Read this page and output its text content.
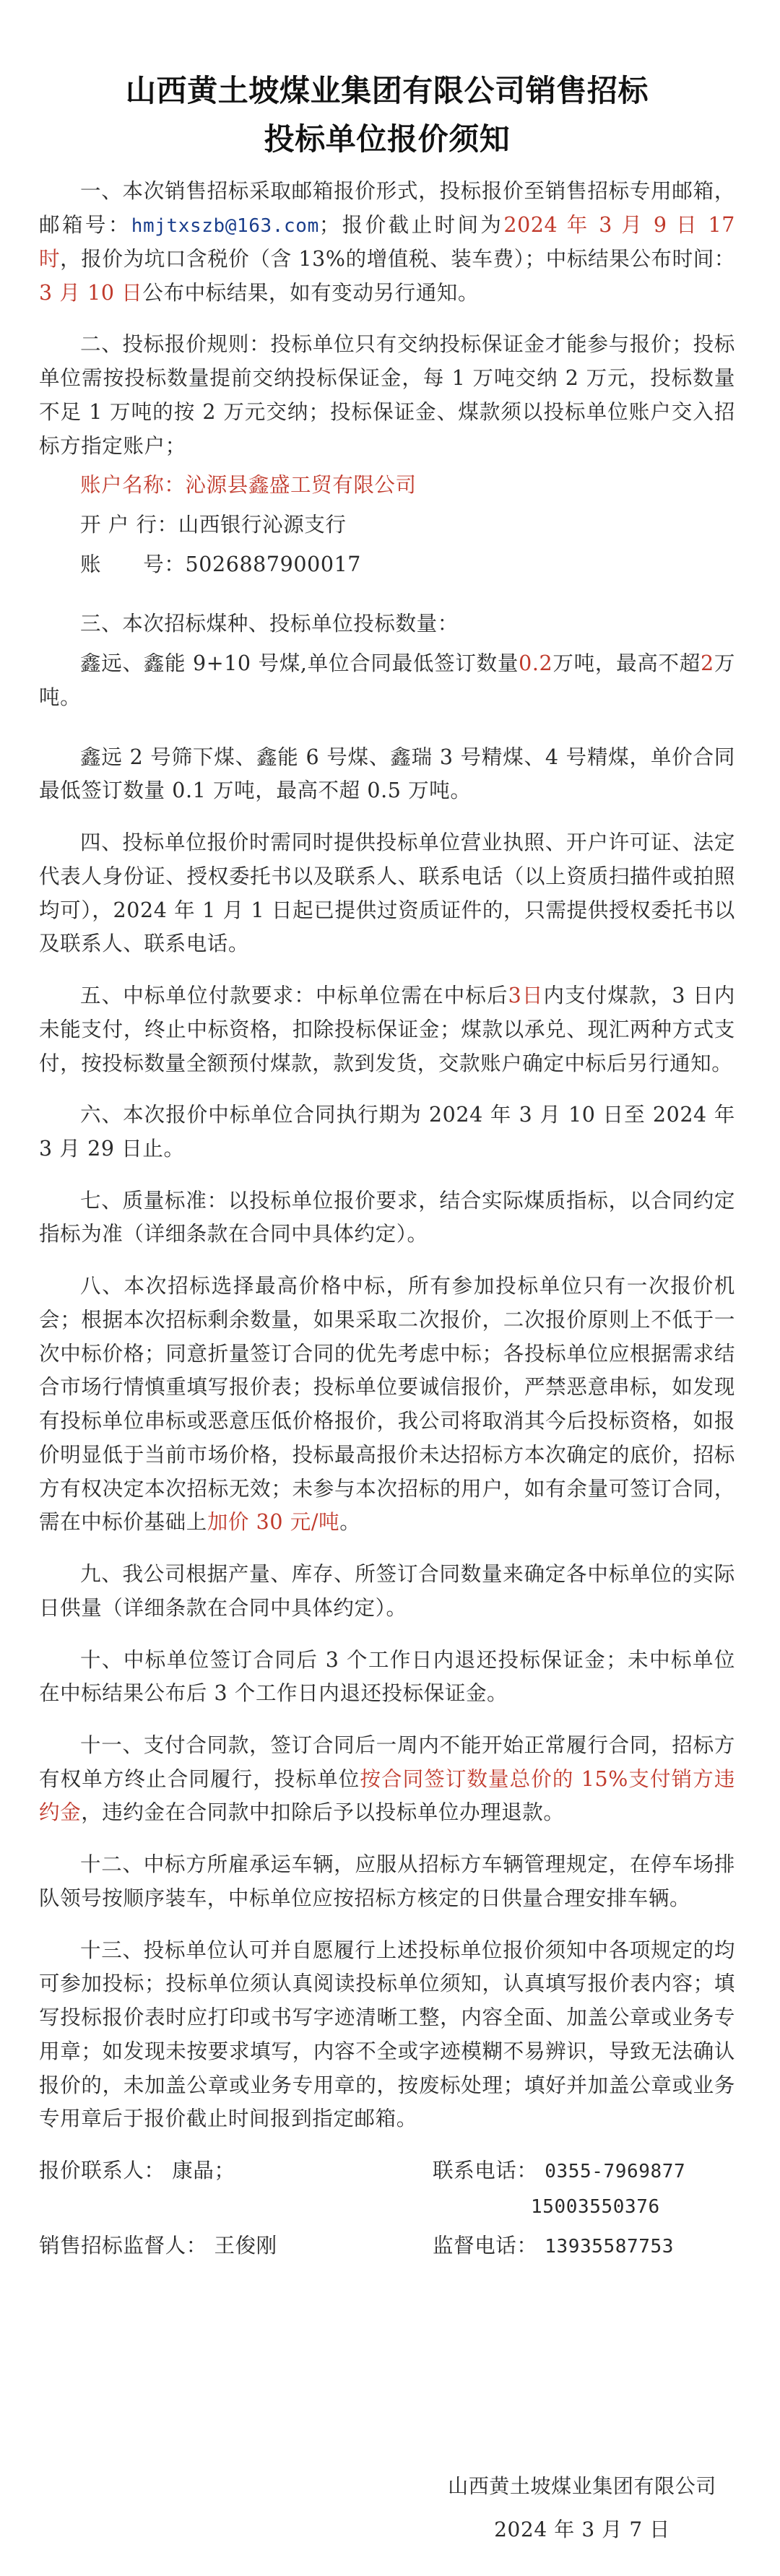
山西黄土坡煤业集团有限公司销售招标
投标单位报价须知

一、本次销售招标采取邮箱报价形式，投标报价至销售招标专用邮箱，邮箱号：hmjtxszb@163.com；报价截止时间为2024 年 3 月 9 日 17 时，报价为坑口含税价（含 13%的增值税、装车费）；中标结果公布时间：3 月 10 日公布中标结果，如有变动另行通知。

二、投标报价规则：投标单位只有交纳投标保证金才能参与报价；投标单位需按投标数量提前交纳投标保证金，每 1 万吨交纳 2 万元，投标数量不足 1 万吨的按 2 万元交纳；投标保证金、煤款须以投标单位账户交入招标方指定账户；

账户名称：沁源县鑫盛工贸有限公司

开 户 行：山西银行沁源支行

账　　号：5026887900017

三、本次招标煤种、投标单位投标数量：

鑫远、鑫能 9+10 号煤,单位合同最低签订数量0.2万吨，最高不超2万吨。

鑫远 2 号筛下煤、鑫能 6 号煤、鑫瑞 3 号精煤、4 号精煤，单价合同最低签订数量 0.1 万吨，最高不超 0.5 万吨。

四、投标单位报价时需同时提供投标单位营业执照、开户许可证、法定代表人身份证、授权委托书以及联系人、联系电话（以上资质扫描件或拍照均可），2024 年 1 月 1 日起已提供过资质证件的，只需提供授权委托书以及联系人、联系电话。

五、中标单位付款要求：中标单位需在中标后3日内支付煤款，3 日内未能支付，终止中标资格，扣除投标保证金；煤款以承兑、现汇两种方式支付，按投标数量全额预付煤款，款到发货，交款账户确定中标后另行通知。

六、本次报价中标单位合同执行期为 2024 年 3 月 10 日至 2024 年 3 月 29 日止。

七、质量标准：以投标单位报价要求，结合实际煤质指标，以合同约定指标为准（详细条款在合同中具体约定）。

八、本次招标选择最高价格中标，所有参加投标单位只有一次报价机会；根据本次招标剩余数量，如果采取二次报价，二次报价原则上不低于一次中标价格；同意折量签订合同的优先考虑中标；各投标单位应根据需求结合市场行情慎重填写报价表；投标单位要诚信报价，严禁恶意串标，如发现有投标单位串标或恶意压低价格报价，我公司将取消其今后投标资格，如报价明显低于当前市场价格，投标最高报价未达招标方本次确定的底价，招标方有权决定本次招标无效；未参与本次招标的用户，如有余量可签订合同，需在中标价基础上加价 30 元/吨。

九、我公司根据产量、库存、所签订合同数量来确定各中标单位的实际日供量（详细条款在合同中具体约定）。

十、中标单位签订合同后 3 个工作日内退还投标保证金；未中标单位在中标结果公布后 3 个工作日内退还投标保证金。

十一、支付合同款，签订合同后一周内不能开始正常履行合同，招标方有权单方终止合同履行，投标单位按合同签订数量总价的 15%支付销方违约金，违约金在合同款中扣除后予以投标单位办理退款。

十二、中标方所雇承运车辆，应服从招标方车辆管理规定，在停车场排队领号按顺序装车，中标单位应按招标方核定的日供量合理安排车辆。

十三、投标单位认可并自愿履行上述投标单位报价须知中各项规定的均可参加投标；投标单位须认真阅读投标单位须知，认真填写报价表内容；填写投标报价表时应打印或书写字迹清晰工整，内容全面、加盖公章或业务专用章；如发现未按要求填写，内容不全或字迹模糊不易辨识，导致无法确认报价的，未加盖公章或业务专用章的，按废标处理；填好并加盖公章或业务专用章后于报价截止时间报到指定邮箱。

报价联系人： 康晶；	联系电话： 0355-7969877
15003550376
销售招标监督人： 王俊刚	监督电话： 13935587753
山西黄土坡煤业集团有限公司
2024 年 3 月 7 日
